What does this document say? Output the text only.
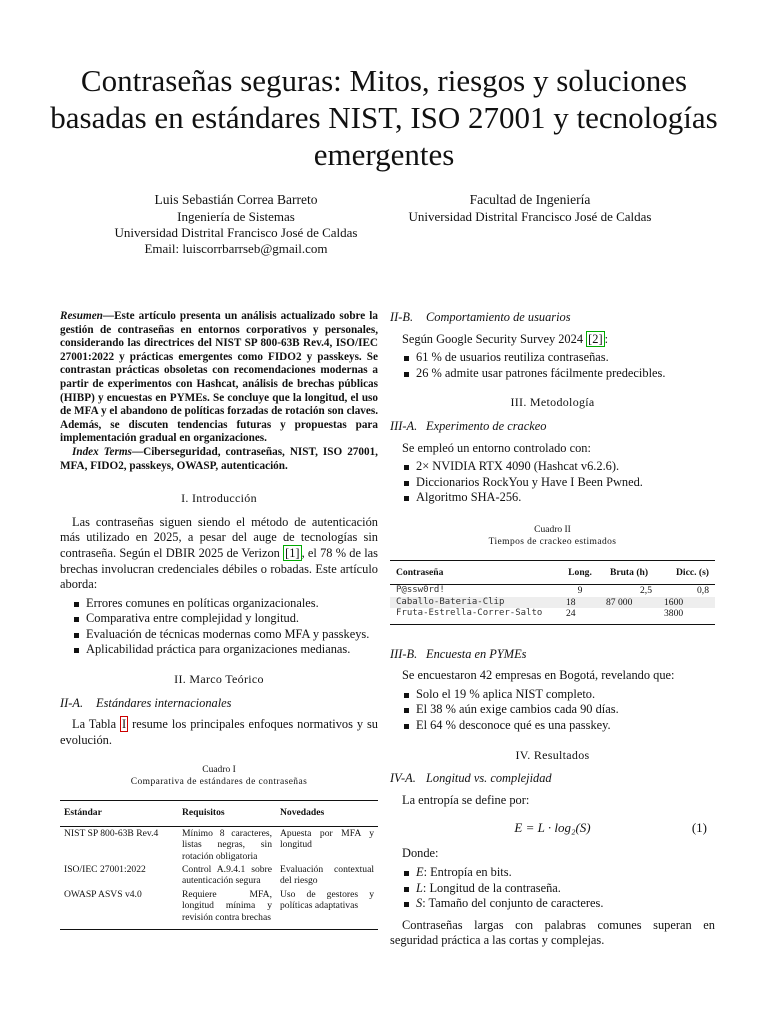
Contraseñas seguras: Mitos, riesgos y soluciones basadas en estándares NIST, ISO 27001 y tecnologías emergentes
Luis Sebastián Correa Barreto
Ingeniería de Sistemas
Universidad Distrital Francisco José de Caldas
Email: luiscorrbarrseb@gmail.com
Facultad de Ingeniería
Universidad Distrital Francisco José de Caldas

Resumen—Este artículo presenta un análisis actualizado sobre la gestión de contraseñas en entornos corporativos y personales, considerando las directrices del NIST SP 800-63B Rev.4, ISO/IEC 27001:2022 y prácticas emergentes como FIDO2 y passkeys. Se contrastan prácticas obsoletas con recomendaciones modernas a partir de experimentos con Hashcat, análisis de brechas públicas (HIBP) y encuestas en PYMEs. Se concluye que la longitud, el uso de MFA y el abandono de políticas forzadas de rotación son claves. Además, se discuten tendencias futuras y propuestas para implementación gradual en organizaciones.

Index Terms—Ciberseguridad, contraseñas, NIST, ISO 27001, MFA, FIDO2, passkeys, OWASP, autenticación.

I. Introducción

Las contraseñas siguen siendo el método de autenticación más utilizado en 2025, a pesar del auge de tecnologías sin contraseña. Según el DBIR 2025 de Verizon [1] , el 78 % de las brechas involucran credenciales débiles o robadas. Este artículo aborda:

Errores comunes en políticas organizacionales.
Comparativa entre complejidad y longitud.
Evaluación de técnicas modernas como MFA y passkeys.
Aplicabilidad práctica para organizaciones medianas.
II. Marco Teórico
II-A. Estándares internacionales

La Tabla I resume los principales enfoques normativos y su evolución.

Cuadro I
Comparativa de estándares de contraseñas
Estándar	Requisitos	Novedades
NIST SP 800-63B Rev.4	Mínimo 8 caracteres, listas negras, sin rotación obligatoria	Apuesta por MFA y longitud
ISO/IEC 27001:2022	Control A.9.4.1 sobre autenticación segura	Evaluación contextual del riesgo
OWASP ASVS v4.0	Requiere MFA, longitud mínima y revisión contra brechas	Uso de gestores y políticas adaptativas
II-B. Comportamiento de usuarios

Según Google Security Survey 2024 [2] :

61 % de usuarios reutiliza contraseñas.
26 % admite usar patrones fácilmente predecibles.
III. Metodología
III-A. Experimento de crackeo

Se empleó un entorno controlado con:

2× NVIDIA RTX 4090 (Hashcat v6.2.6).
Diccionarios RockYou y Have I Been Pwned.
Algoritmo SHA-256.
Cuadro II
Tiempos de crackeo estimados
Contraseña	Long.	Bruta (h)	Dicc. (s)
P@ssw0rd!	9	2,5	0,8
Caballo-Bateria-Clip	18	87 000	1600
Fruta-Estrella-Correr-Salto	24		3800
III-B. Encuesta en PYMEs

Se encuestaron 42 empresas en Bogotá, revelando que:

Solo el 19 % aplica NIST completo.
El 38 % aún exige cambios cada 90 días.
El 64 % desconoce qué es una passkey.
IV. Resultados
IV-A. Longitud vs. complejidad

La entropía se define por:

E = L · log₂(S)	(1)

Donde:

E: Entropía en bits.
L: Longitud de la contraseña.
S: Tamaño del conjunto de caracteres.

Contraseñas largas con palabras comunes superan en seguridad práctica a las cortas y complejas.
